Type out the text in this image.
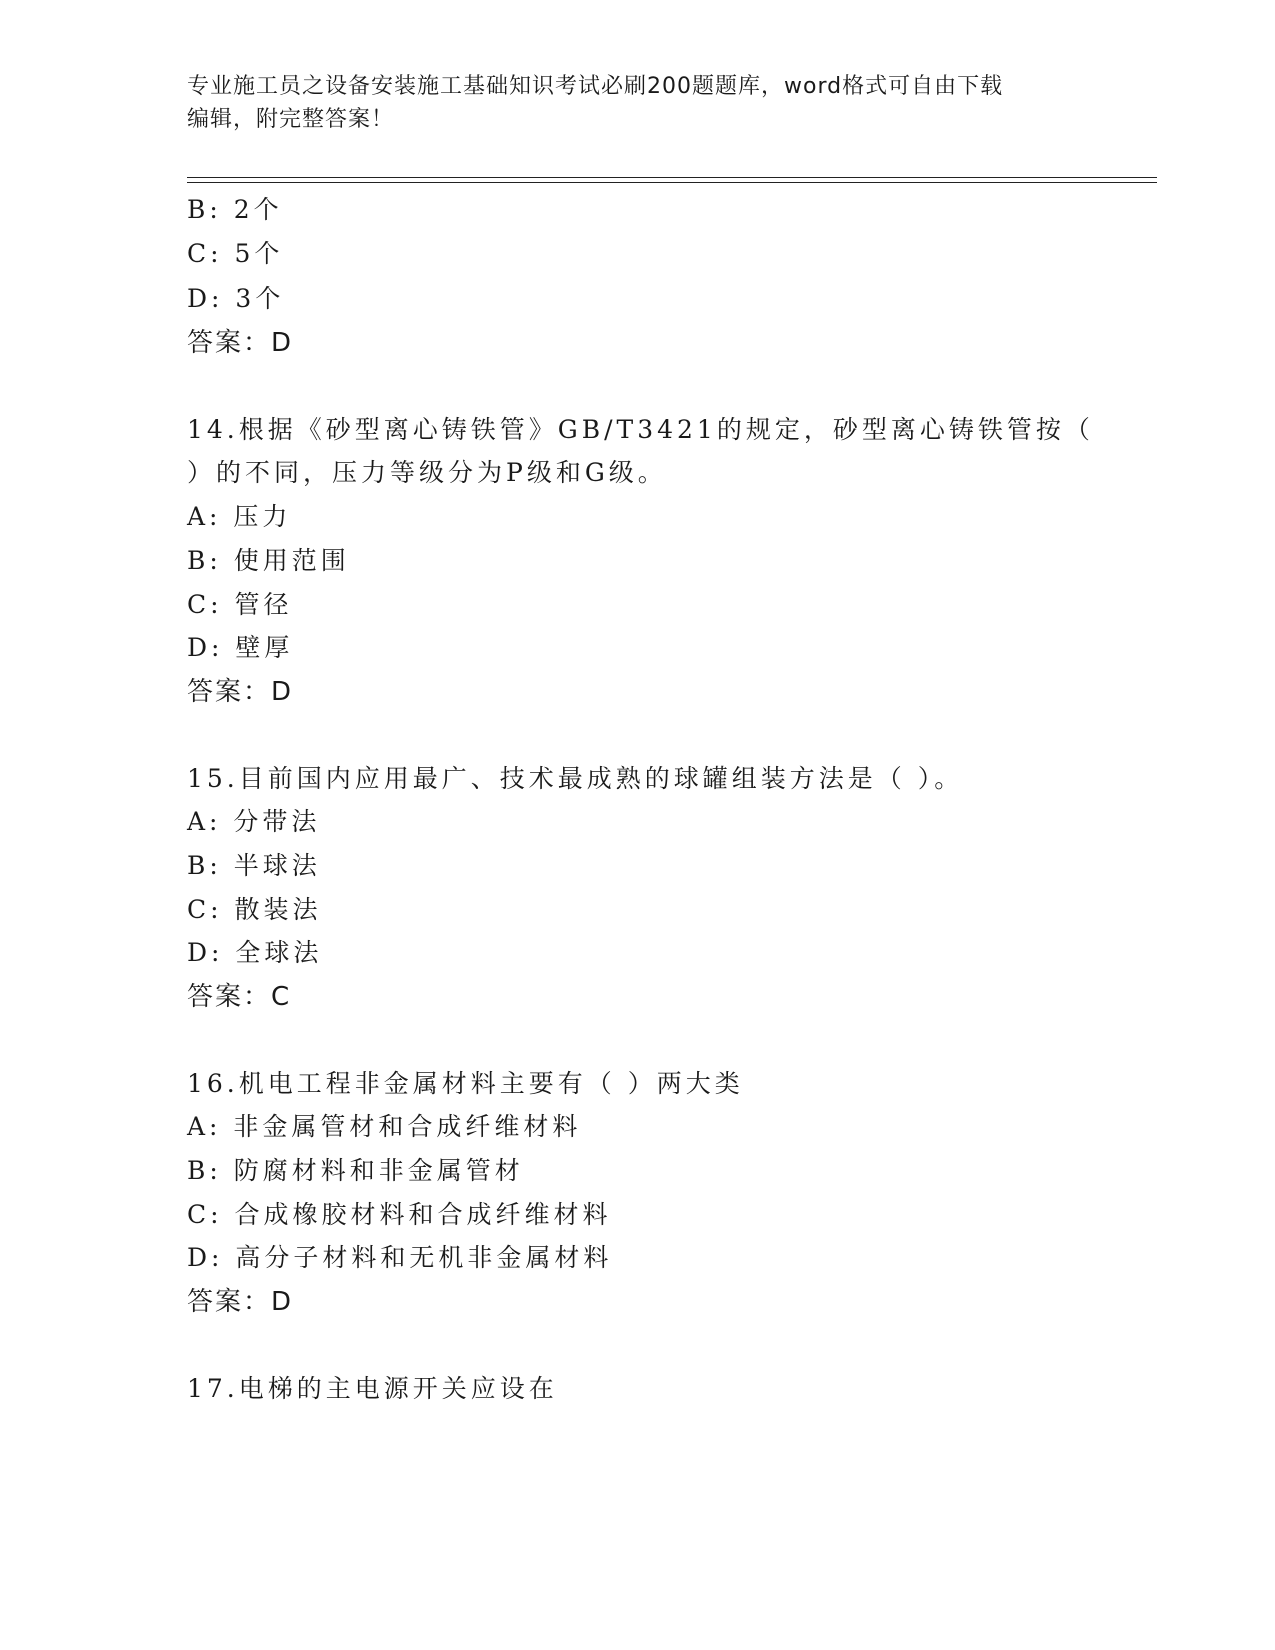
专业施工员之设备安装施工基础知识考试必刷200题题库，word格式可自由下载
编辑，附完整答案！
B: 2个
C: 5个
D: 3个
答案：D
14.根据《砂型离心铸铁管》GB/T3421的规定，砂型离心铸铁管按（
）的不同，压力等级分为P级和G级。
A: 压力
B: 使用范围
C: 管径
D: 壁厚
答案：D
15.目前国内应用最广、技术最成熟的球罐组装方法是（ ）。
A: 分带法
B: 半球法
C: 散装法
D: 全球法
答案：C
16.机电工程非金属材料主要有（ ）两大类
A: 非金属管材和合成纤维材料
B: 防腐材料和非金属管材
C: 合成橡胶材料和合成纤维材料
D: 高分子材料和无机非金属材料
答案：D
17.电梯的主电源开关应设在
